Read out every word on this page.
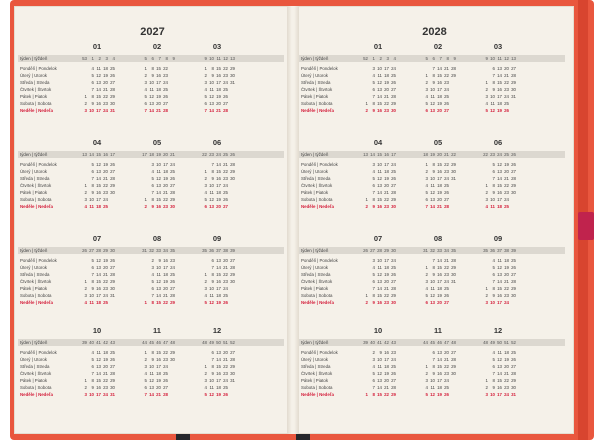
2027
týden | týždeň
Pondělí | Pondelok
Úterý | Utorok
Středa | Streda
Čtvrtek | Štvrtok
Pátek | Piatok
Sobota | Sobota
Neděle | Nedeľa
01
53 1 2 3 4
4 11 18 25
5 12 19 26
6 13 20 27
7 14 21 28
1 8 15 22 29
2 9 16 23 30
3 10 17 24 31
02
5 6 7 8 9
1 8 15 22
2 9 16 23
3 10 17 24
4 11 18 25
5 12 19 26
6 13 20 27
7 14 21 28
03
9 10 11 12 13
1 8 15 22 29
2 9 16 23 30
3 10 17 24 31
4 11 18 25
5 12 19 26
6 13 20 27
7 14 21 28
týden | týždeň
Pondělí | Pondelok
Úterý | Utorok
Středa | Streda
Čtvrtek | Štvrtok
Pátek | Piatok
Sobota | Sobota
Neděle | Nedeľa
04
13 14 15 16 17
5 12 19 26
6 13 20 27
7 14 21 28
1 8 15 22 29
2 9 16 23 30
3 10 17 24
4 11 18 25
05
17 18 19 20 21
3 10 17 24
4 11 18 25
5 12 19 26
6 13 20 27
7 14 21 28
1 8 15 22 29
2 9 16 23 30
06
22 23 24 25 26
7 14 21 28
1 8 15 22 29
2 9 16 23 30
3 10 17 24
4 11 18 25
5 12 19 26
6 13 20 27
týden | týždeň
Pondělí | Pondelok
Úterý | Utorok
Středa | Streda
Čtvrtek | Štvrtok
Pátek | Piatok
Sobota | Sobota
Neděle | Nedeľa
07
26 27 28 29 30
5 12 19 26
6 13 20 27
7 14 21 28
1 8 15 22 29
2 9 16 23 30
3 10 17 24 31
4 11 18 25
08
31 32 33 34 35
2 9 16 23
3 10 17 24
4 11 18 25
5 12 19 26
6 13 20 27
7 14 21 28
1 8 15 22 29
09
35 36 37 38 39
6 13 20 27
7 14 21 28
1 8 15 22 29
2 9 16 23 30
3 10 17 24
4 11 18 25
5 12 19 26
týden | týždeň
Pondělí | Pondelok
Úterý | Utorok
Středa | Streda
Čtvrtek | Štvrtok
Pátek | Piatok
Sobota | Sobota
Neděle | Nedeľa
10
39 40 41 42 43
4 11 18 25
5 12 19 26
6 13 20 27
7 14 21 28
1 8 15 22 29
2 9 16 23 30
3 10 17 24 31
11
44 45 46 47 48
1 8 15 22 29
2 9 16 23 30
3 10 17 24
4 11 18 25
5 12 19 26
6 13 20 27
7 14 21 28
12
48 49 50 51 52
6 13 20 27
7 14 21 28
1 8 15 22 29
2 9 16 23 30
3 10 17 24 31
4 11 18 25
5 12 19 26
2028
týden | týždeň
Pondělí | Pondelok
Úterý | Utorok
Středa | Streda
Čtvrtek | Štvrtok
Pátek | Piatok
Sobota | Sobota
Neděle | Nedeľa
01
52 1 2 3 4
3 10 17 24
4 11 18 25
5 12 19 26
6 13 20 27
7 14 21 28
1 8 15 22 29
2 9 16 23 30
02
5 6 7 8 9
7 14 21 28
1 8 15 22 29
2 9 16 23
3 10 17 24
4 11 18 25
5 12 19 26
6 13 20 27
03
9 10 11 12 13
6 13 20 27
7 14 21 28
1 8 15 22 29
2 9 16 23 30
3 10 17 24 31
4 11 18 25
5 12 19 26
týden | týždeň
Pondělí | Pondelok
Úterý | Utorok
Středa | Streda
Čtvrtek | Štvrtok
Pátek | Piatok
Sobota | Sobota
Neděle | Nedeľa
04
13 14 15 16 17
3 10 17 24
4 11 18 25
5 12 19 26
6 13 20 27
7 14 21 28
1 8 15 22 29
2 9 16 23 30
05
18 19 20 21 22
1 8 15 22 29
2 9 16 23 30
3 10 17 24 31
4 11 18 25
5 12 19 26
6 13 20 27
7 14 21 28
06
22 23 24 25 26
5 12 19 26
6 13 20 27
7 14 21 28
1 8 15 22 29
2 9 16 23 30
3 10 17 24
4 11 18 25
týden | týždeň
Pondělí | Pondelok
Úterý | Utorok
Středa | Streda
Čtvrtek | Štvrtok
Pátek | Piatok
Sobota | Sobota
Neděle | Nedeľa
07
26 27 28 29 30
3 10 17 24
4 11 18 25
5 12 19 26
6 13 20 27
7 14 21 28
1 8 15 22 29
2 9 16 23 30
08
31 32 33 34 35
7 14 21 28
1 8 15 22 29
2 9 16 23 30
3 10 17 24 31
4 11 18 25
5 12 19 26
6 13 20 27
09
35 36 37 38 39
4 11 18 25
5 12 19 26
6 13 20 27
7 14 21 28
1 8 15 22 29
2 9 16 23 30
3 10 17 24
týden | týždeň
Pondělí | Pondelok
Úterý | Utorok
Středa | Streda
Čtvrtek | Štvrtok
Pátek | Piatok
Sobota | Sobota
Neděle | Nedeľa
10
39 40 41 42 43
2 9 16 23
3 10 17 24
4 11 18 25
5 12 19 26
6 13 20 27
7 14 21 28
1 8 15 22 29
11
44 45 46 47 48
6 13 20 27
7 14 21 28
1 8 15 22 29
2 9 16 23 30
3 10 17 24
4 11 18 25
5 12 19 26
12
48 49 50 51 52
4 11 18 25
5 12 19 26
6 13 20 27
7 14 21 28
1 8 15 22 29
2 9 16 23 30
3 10 17 24 31
